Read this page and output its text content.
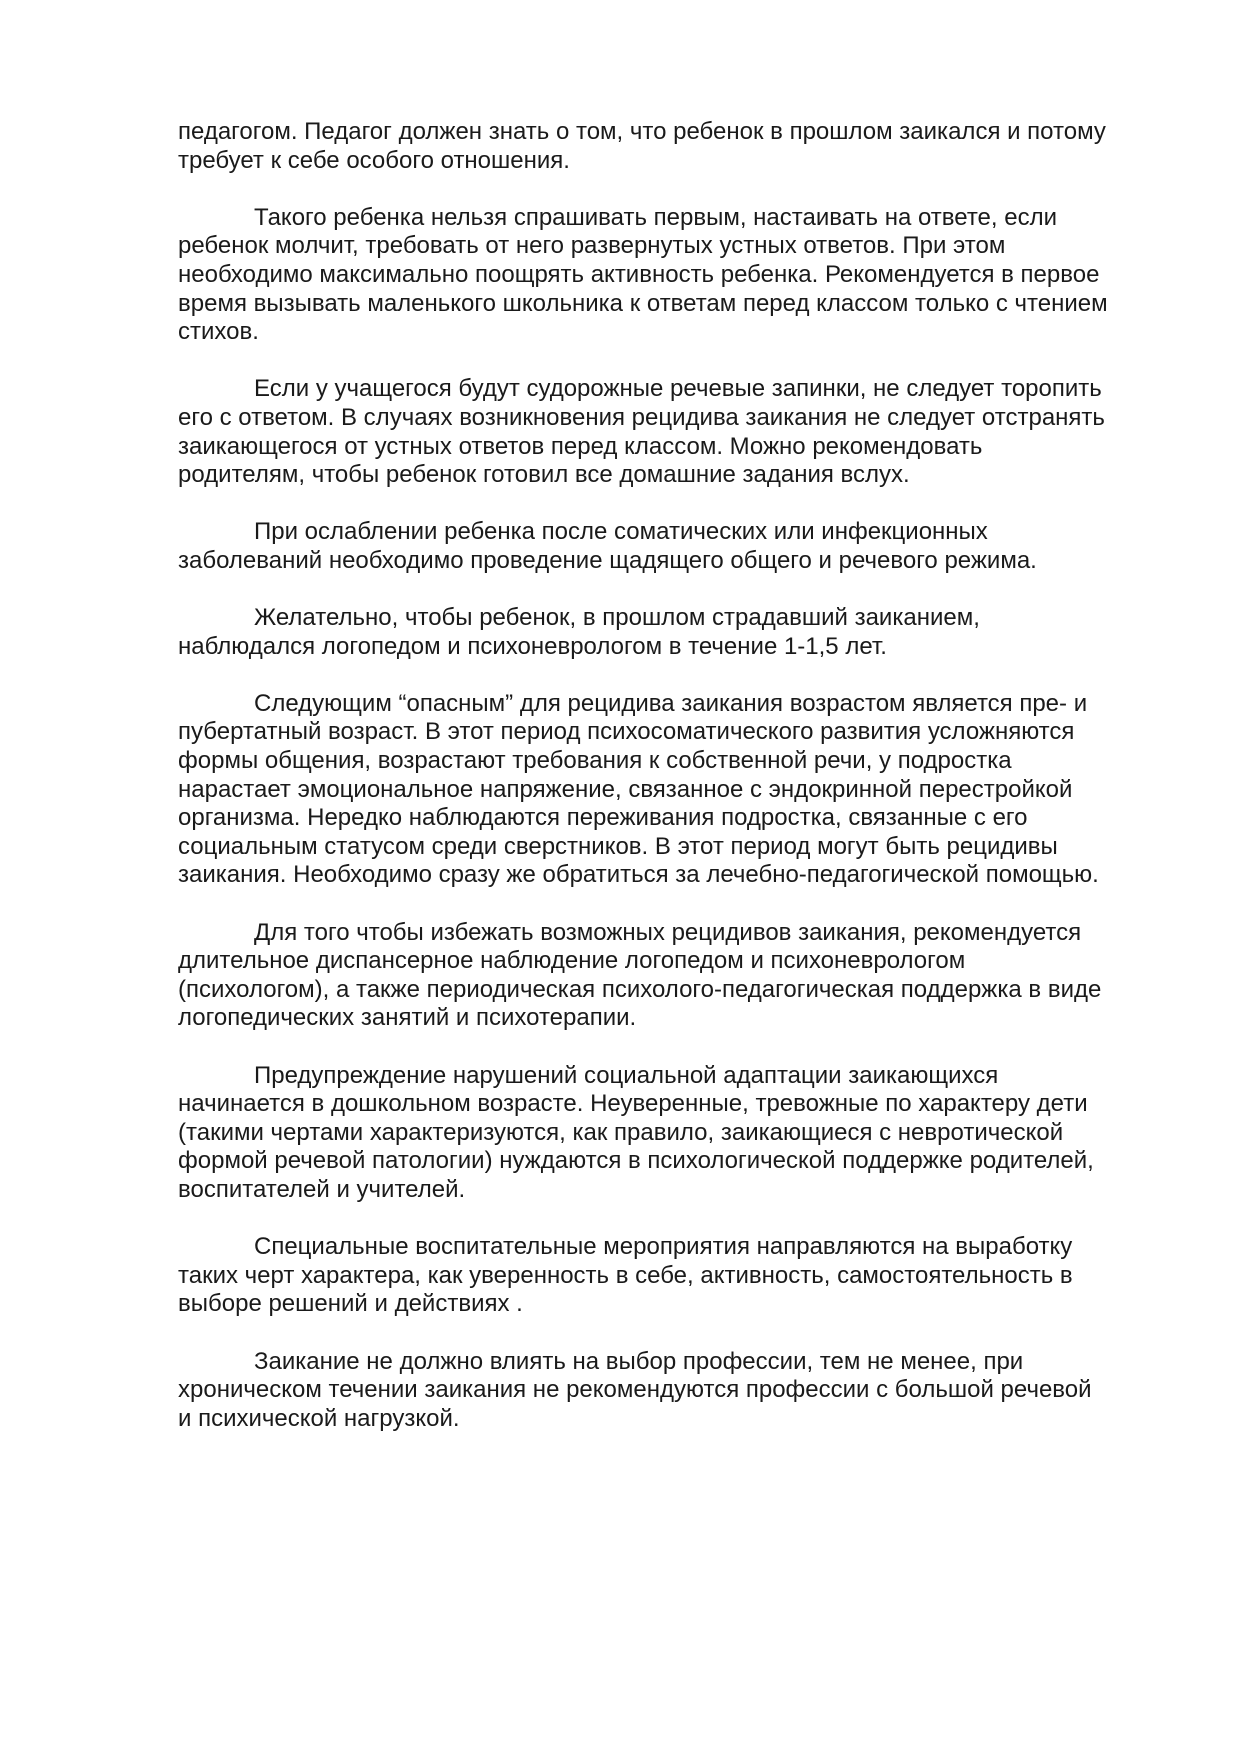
педагогом. Педагог должен знать о том, что ребенок в прошлом заикался и потому
требует к себе особого отношения.

Такого ребенка нельзя спрашивать первым, настаивать на ответе, если
ребенок молчит, требовать от него развернутых устных ответов. При этом
необходимо максимально поощрять активность ребенка. Рекомендуется в первое
время вызывать маленького школьника к ответам перед классом только с чтением
стихов.

Если у учащегося будут судорожные речевые запинки, не следует торопить
его с ответом. В случаях возникновения рецидива заикания не следует отстранять
заикающегося от устных ответов перед классом. Можно рекомендовать
родителям, чтобы ребенок готовил все домашние задания вслух.

При ослаблении ребенка после соматических или инфекционных
заболеваний необходимо проведение щадящего общего и речевого режима.

Желательно, чтобы ребенок, в прошлом страдавший заиканием,
наблюдался логопедом и психоневрологом в течение 1-1,5 лет.

Следующим “опасным” для рецидива заикания возрастом является пре- и
пубертатный возраст. В этот период психосоматического развития усложняются
формы общения, возрастают требования к собственной речи, у подростка
нарастает эмоциональное напряжение, связанное с эндокринной перестройкой
организма. Нередко наблюдаются переживания подростка, связанные с его
социальным статусом среди сверстников. В этот период могут быть рецидивы
заикания. Необходимо сразу же обратиться за лечебно-педагогической помощью.

Для того чтобы избежать возможных рецидивов заикания, рекомендуется
длительное диспансерное наблюдение логопедом и психоневрологом
(психологом), а также периодическая психолого-педагогическая поддержка в виде
логопедических занятий и психотерапии.

Предупреждение нарушений социальной адаптации заикающихся
начинается в дошкольном возрасте. Неуверенные, тревожные по характеру дети
(такими чертами характеризуются, как правило, заикающиеся с невротической
формой речевой патологии) нуждаются в психологической поддержке родителей,
воспитателей и учителей.

Специальные воспитательные мероприятия направляются на выработку
таких черт характера, как уверенность в себе, активность, самостоятельность в
выборе решений и действиях .

Заикание не должно влиять на выбор профессии, тем не менее, при
хроническом течении заикания не рекомендуются профессии с большой речевой
и психической нагрузкой.
